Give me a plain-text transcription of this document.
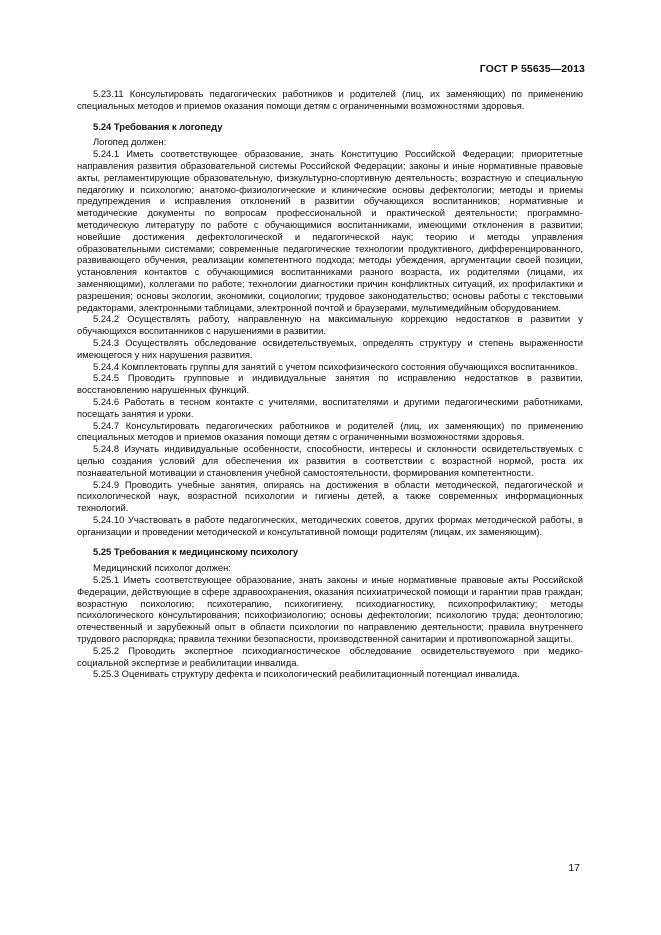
ГОСТ Р 55635—2013

5.23.11 Консультировать педагогических работников и родителей (лиц, их заменяющих) по применению специальных методов и приемов оказания помощи детям с ограниченными возможностями здоровья.

5.24 Требования к логопеду

Логопед должен:

5.24.1 Иметь соответствующее образование, знать Конституцию Российской Федерации; приоритетные направления развития образовательной системы Российской Федерации; законы и иные нормативные правовые акты, регламентирующие образовательную, физкультурно-спортивную деятельность; возрастную и специальную педагогику и психологию; анатомо-физиологические и клинические основы дефектологии; методы и приемы предупреждения и исправления отклонений в развитии обучающихся воспитанников; нормативные и методические документы по вопросам профессиональной и практической деятельности; программно-методическую литературу по работе с обучающимися воспитанниками, имеющими отклонения в развитии; новейшие достижения дефектологической и педагогической наук; теорию и методы управления образовательными системами; современные педагогические технологии продуктивного, дифференцированного, развивающего обучения, реализации компетентного подхода; методы убеждения, аргументации своей позиции, установления контактов с обучающимися воспитанниками разного возраста, их родителями (лицами, их заменяющими), коллегами по работе; технологии диагностики причин конфликтных ситуаций, их профилактики и разрешения; основы экологии, экономики, социологии; трудовое законодательство; основы работы с текстовыми редакторами, электронными таблицами, электронной почтой и браузерами, мультимедийным оборудованием.

5.24.2 Осуществлять работу, направленную на максимальную коррекцию недостатков в развитии у обучающихся воспитанников с нарушениями в развитии.

5.24.3 Осуществлять обследование освидетельствуемых, определять структуру и степень выраженности имеющегося у них нарушения развития.

5.24.4 Комплектовать группы для занятий с учетом психофизического состояния обучающихся воспитанников.

5.24.5 Проводить групповые и индивидуальные занятия по исправлению недостатков в развитии, восстановлению нарушенных функций.

5.24.6 Работать в тесном контакте с учителями, воспитателями и другими педагогическими работниками, посещать занятия и уроки.

5.24.7 Консультировать педагогических работников и родителей (лиц, их заменяющих) по применению специальных методов и приемов оказания помощи детям с ограниченными возможностями здоровья.

5.24.8 Изучать индивидуальные особенности, способности, интересы и склонности освидетельствуемых с целью создания условий для обеспечения их развития в соответствии с возрастной нормой, роста их познавательной мотивации и становления учебной самостоятельности, формирования компетентности.

5.24.9 Проводить учебные занятия, опираясь на достижения в области методической, педагогической и психологической наук, возрастной психологии и гигиены детей, а также современных информационных технологий.

5.24.10 Участвовать в работе педагогических, методических советов, других формах методической работы, в организации и проведении методической и консультативной помощи родителям (лицам, их заменяющим).

5.25 Требования к медицинскому психологу

Медицинский психолог должен:

5.25.1 Иметь соответствующее образование, знать законы и иные нормативные правовые акты Российской Федерации, действующие в сфере здравоохранения, оказания психиатрической помощи и гарантии прав граждан; возрастную психологию; психотерапию, психогигиену, психодиагностику, психопрофилактику; методы психологического консультирования; психофизиологию; основы дефектологии; психологию труда; деонтологию; отечественный и зарубежный опыт в области психологии по направлению деятельности; правила внутреннего трудового распорядка; правила техники безопасности, производственной санитарии и противопожарной защиты.

5.25.2 Проводить экспертное психодиагностическое обследование освидетельствуемого при медико-социальной экспертизе и реабилитации инвалида.

5.25.3 Оценивать структуру дефекта и психологический реабилитационный потенциал инвалида.

17
